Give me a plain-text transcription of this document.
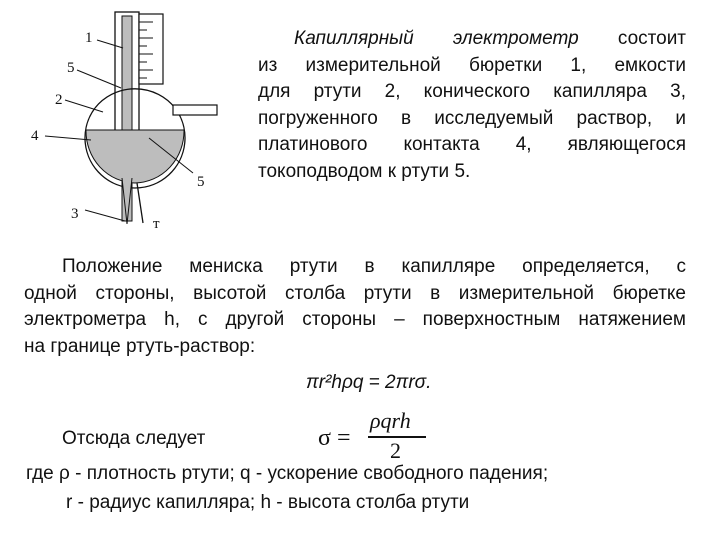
1
5
2
4
5
3
т
Капиллярный электрометр состоит
из измерительной бюретки 1, емкости
для ртути 2, конического капилляра 3,
погруженного в исследуемый раствор, и
платинового контакта 4, являющегося
токоподводом к ртути 5.
Положение мениска ртути в капилляре определяется, с
одной стороны, высотой столба ртути в измерительной бюретке
электрометра h, с другой стороны – поверхностным натяжением
на границе ртуть-раствор:
πr²hρq = 2πrσ.
Отсюда следует	σ =
ρqrh
2
где ρ - плотность ртути; q - ускорение свободного падения;
r - радиус капилляра; h - высота столба ртути
